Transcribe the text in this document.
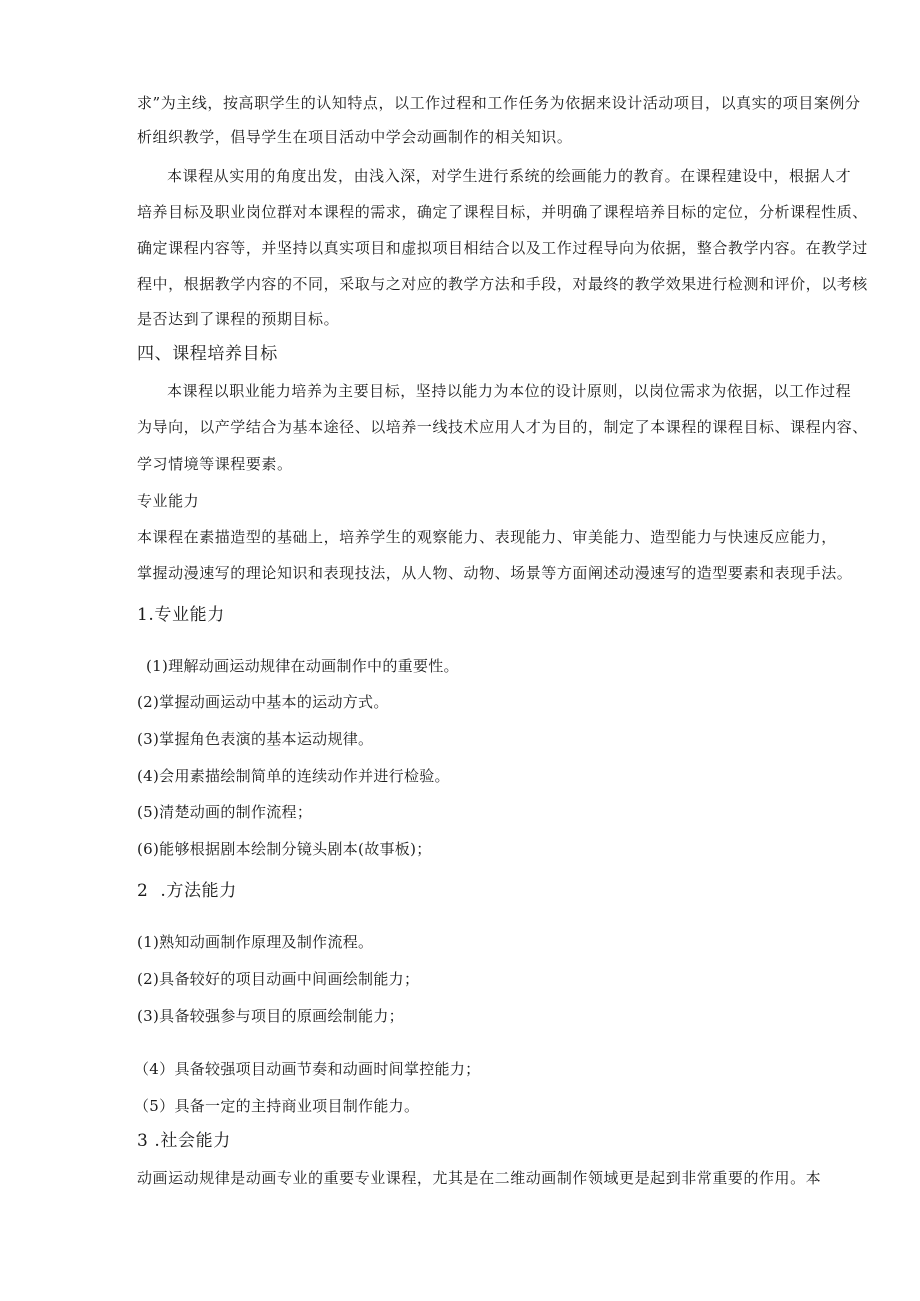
求”为主线，按高职学生的认知特点，以工作过程和工作任务为依据来设计活动项目，以真实的项目案例分
析组织教学，倡导学生在项目活动中学会动画制作的相关知识。
本课程从实用的角度出发，由浅入深，对学生进行系统的绘画能力的教育。在课程建设中，根据人才
培养目标及职业岗位群对本课程的需求，确定了课程目标，并明确了课程培养目标的定位，分析课程性质、
确定课程内容等，并坚持以真实项目和虚拟项目相结合以及工作过程导向为依据，整合教学内容。在教学过
程中，根据教学内容的不同，采取与之对应的教学方法和手段，对最终的教学效果进行检测和评价，以考核
是否达到了课程的预期目标。
四、课程培养目标
本课程以职业能力培养为主要目标，坚持以能力为本位的设计原则，以岗位需求为依据，以工作过程
为导向，以产学结合为基本途径、以培养一线技术应用人才为目的，制定了本课程的课程目标、课程内容、
学习情境等课程要素。
专业能力
本课程在素描造型的基础上，培养学生的观察能力、表现能力、审美能力、造型能力与快速反应能力，
掌握动漫速写的理论知识和表现技法，从人物、动物、场景等方面阐述动漫速写的造型要素和表现手法。
1.专业能力
(1)理解动画运动规律在动画制作中的重要性。
(2)掌握动画运动中基本的运动方式。
(3)掌握角色表演的基本运动规律。
(4)会用素描绘制简单的连续动作并进行检验。
(5)清楚动画的制作流程；
(6)能够根据剧本绘制分镜头剧本(故事板)；
2  .方法能力
(1)熟知动画制作原理及制作流程。
(2)具备较好的项目动画中间画绘制能力；
(3)具备较强参与项目的原画绘制能力；
（4）具备较强项目动画节奏和动画时间掌控能力；
（5）具备一定的主持商业项目制作能力。
3 .社会能力
动画运动规律是动画专业的重要专业课程，尤其是在二维动画制作领域更是起到非常重要的作用。本
